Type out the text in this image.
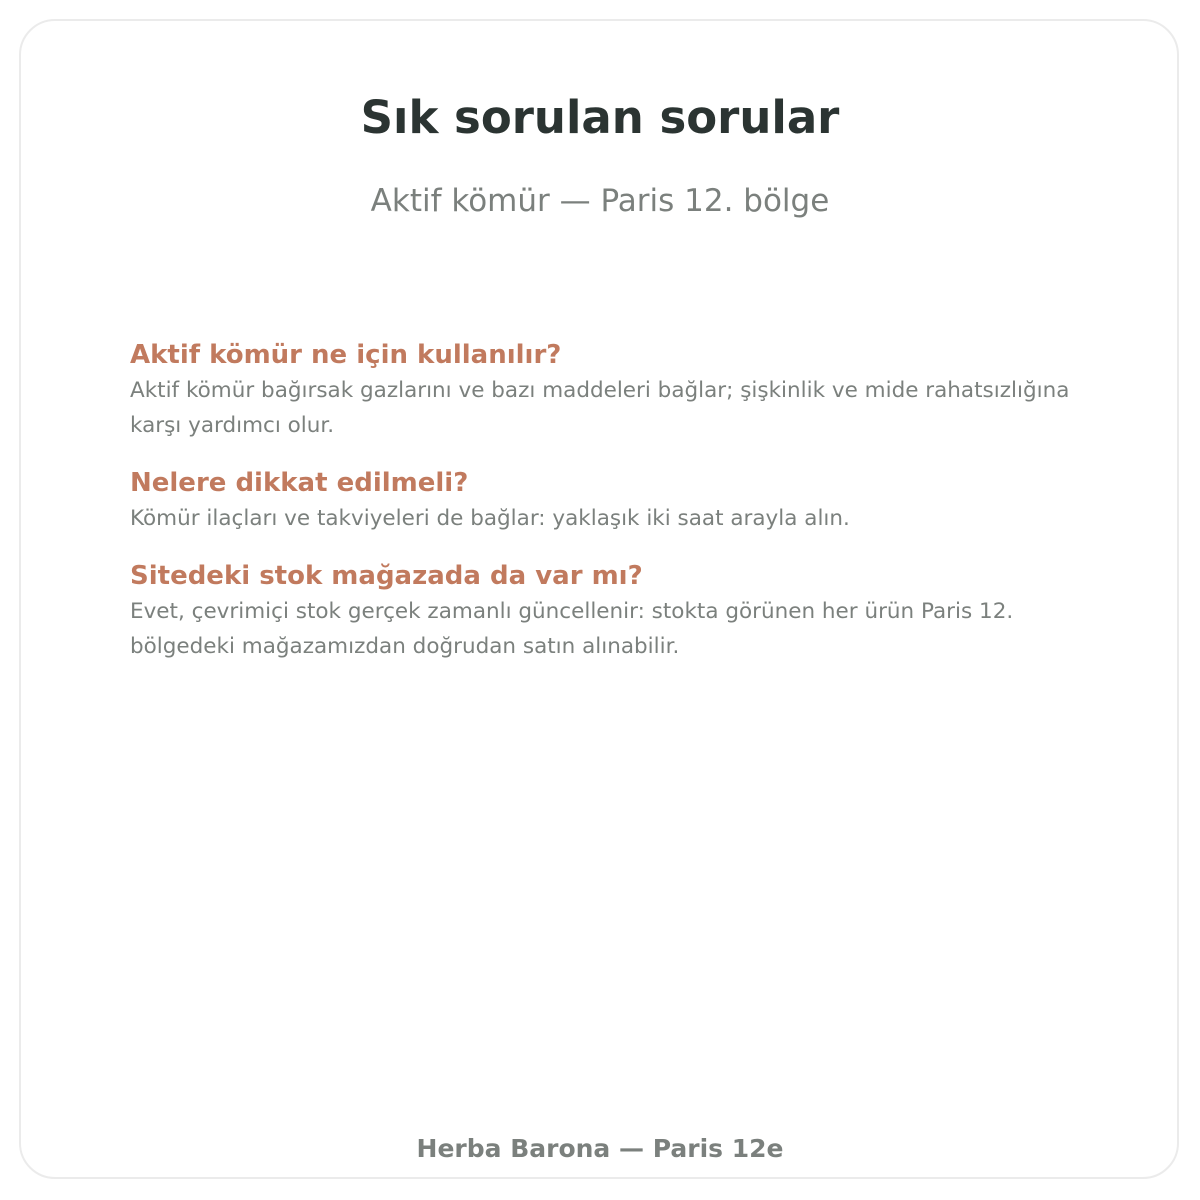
Sık sorulan sorular
Aktif kömür — Paris 12. bölge
Aktif kömür ne için kullanılır?

Aktif kömür bağırsak gazlarını ve bazı maddeleri bağlar; şişkinlik ve mide rahatsızlığına karşı yardımcı olur.

Nelere dikkat edilmeli?

Kömür ilaçları ve takviyeleri de bağlar: yaklaşık iki saat arayla alın.

Sitedeki stok mağazada da var mı?

Evet, çevrimiçi stok gerçek zamanlı güncellenir: stokta görünen her ürün Paris 12. bölgedeki mağazamızdan doğrudan satın alınabilir.

Herba Barona — Paris 12e
